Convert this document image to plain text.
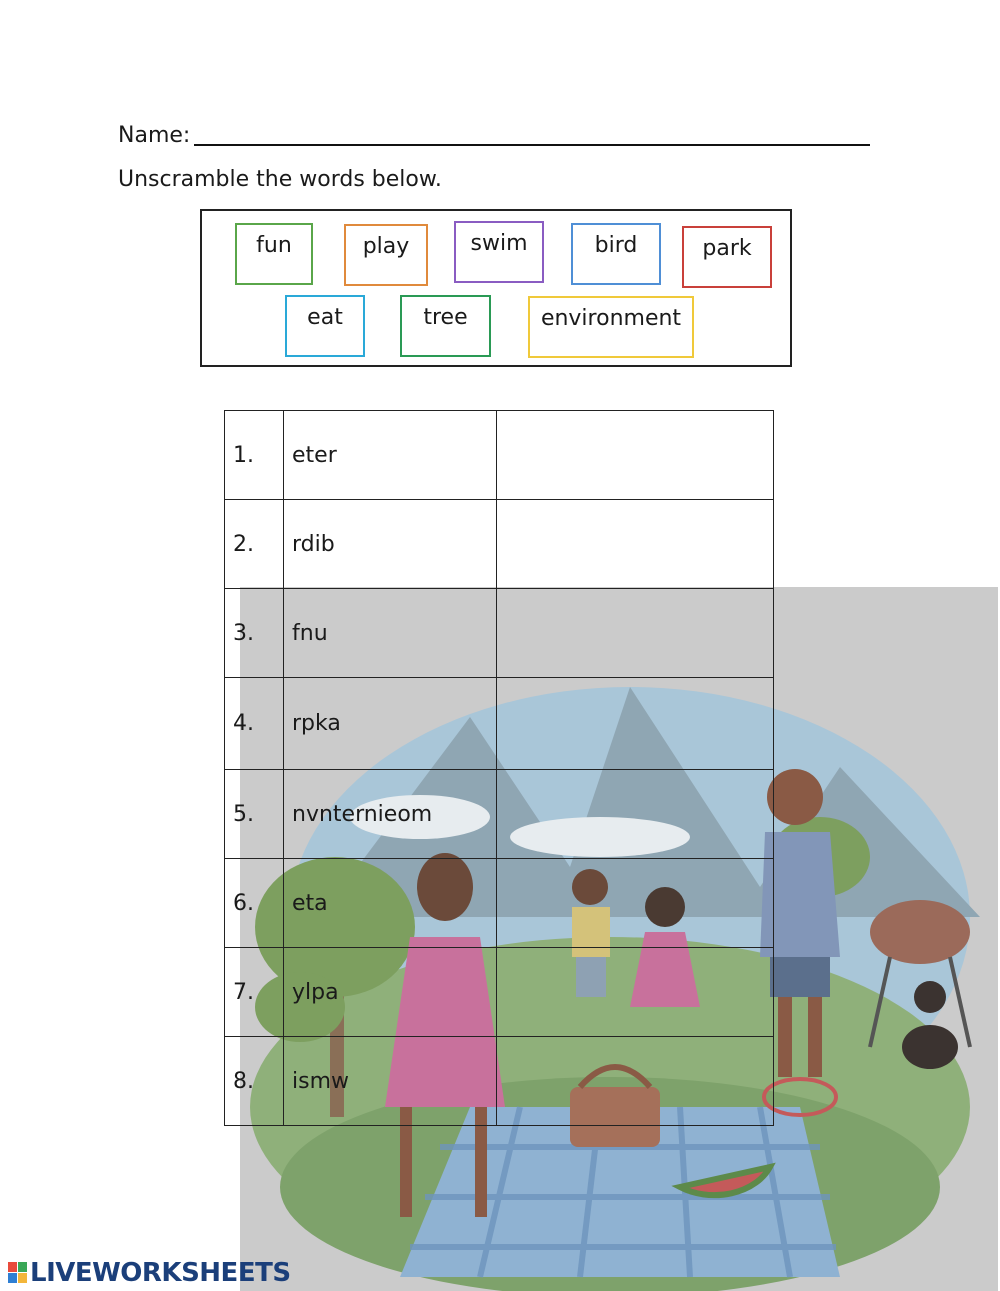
Name:
Unscramble the words below.
fun	play	swim	bird	park
eat	tree	environment
1.	eter	
2.	rdib	
3.	fnu	
4.	rpka	
5.	nvnternieom	
6.	eta	
7.	ylpa	
8.	ismw	
LIVEWORKSHEETS
